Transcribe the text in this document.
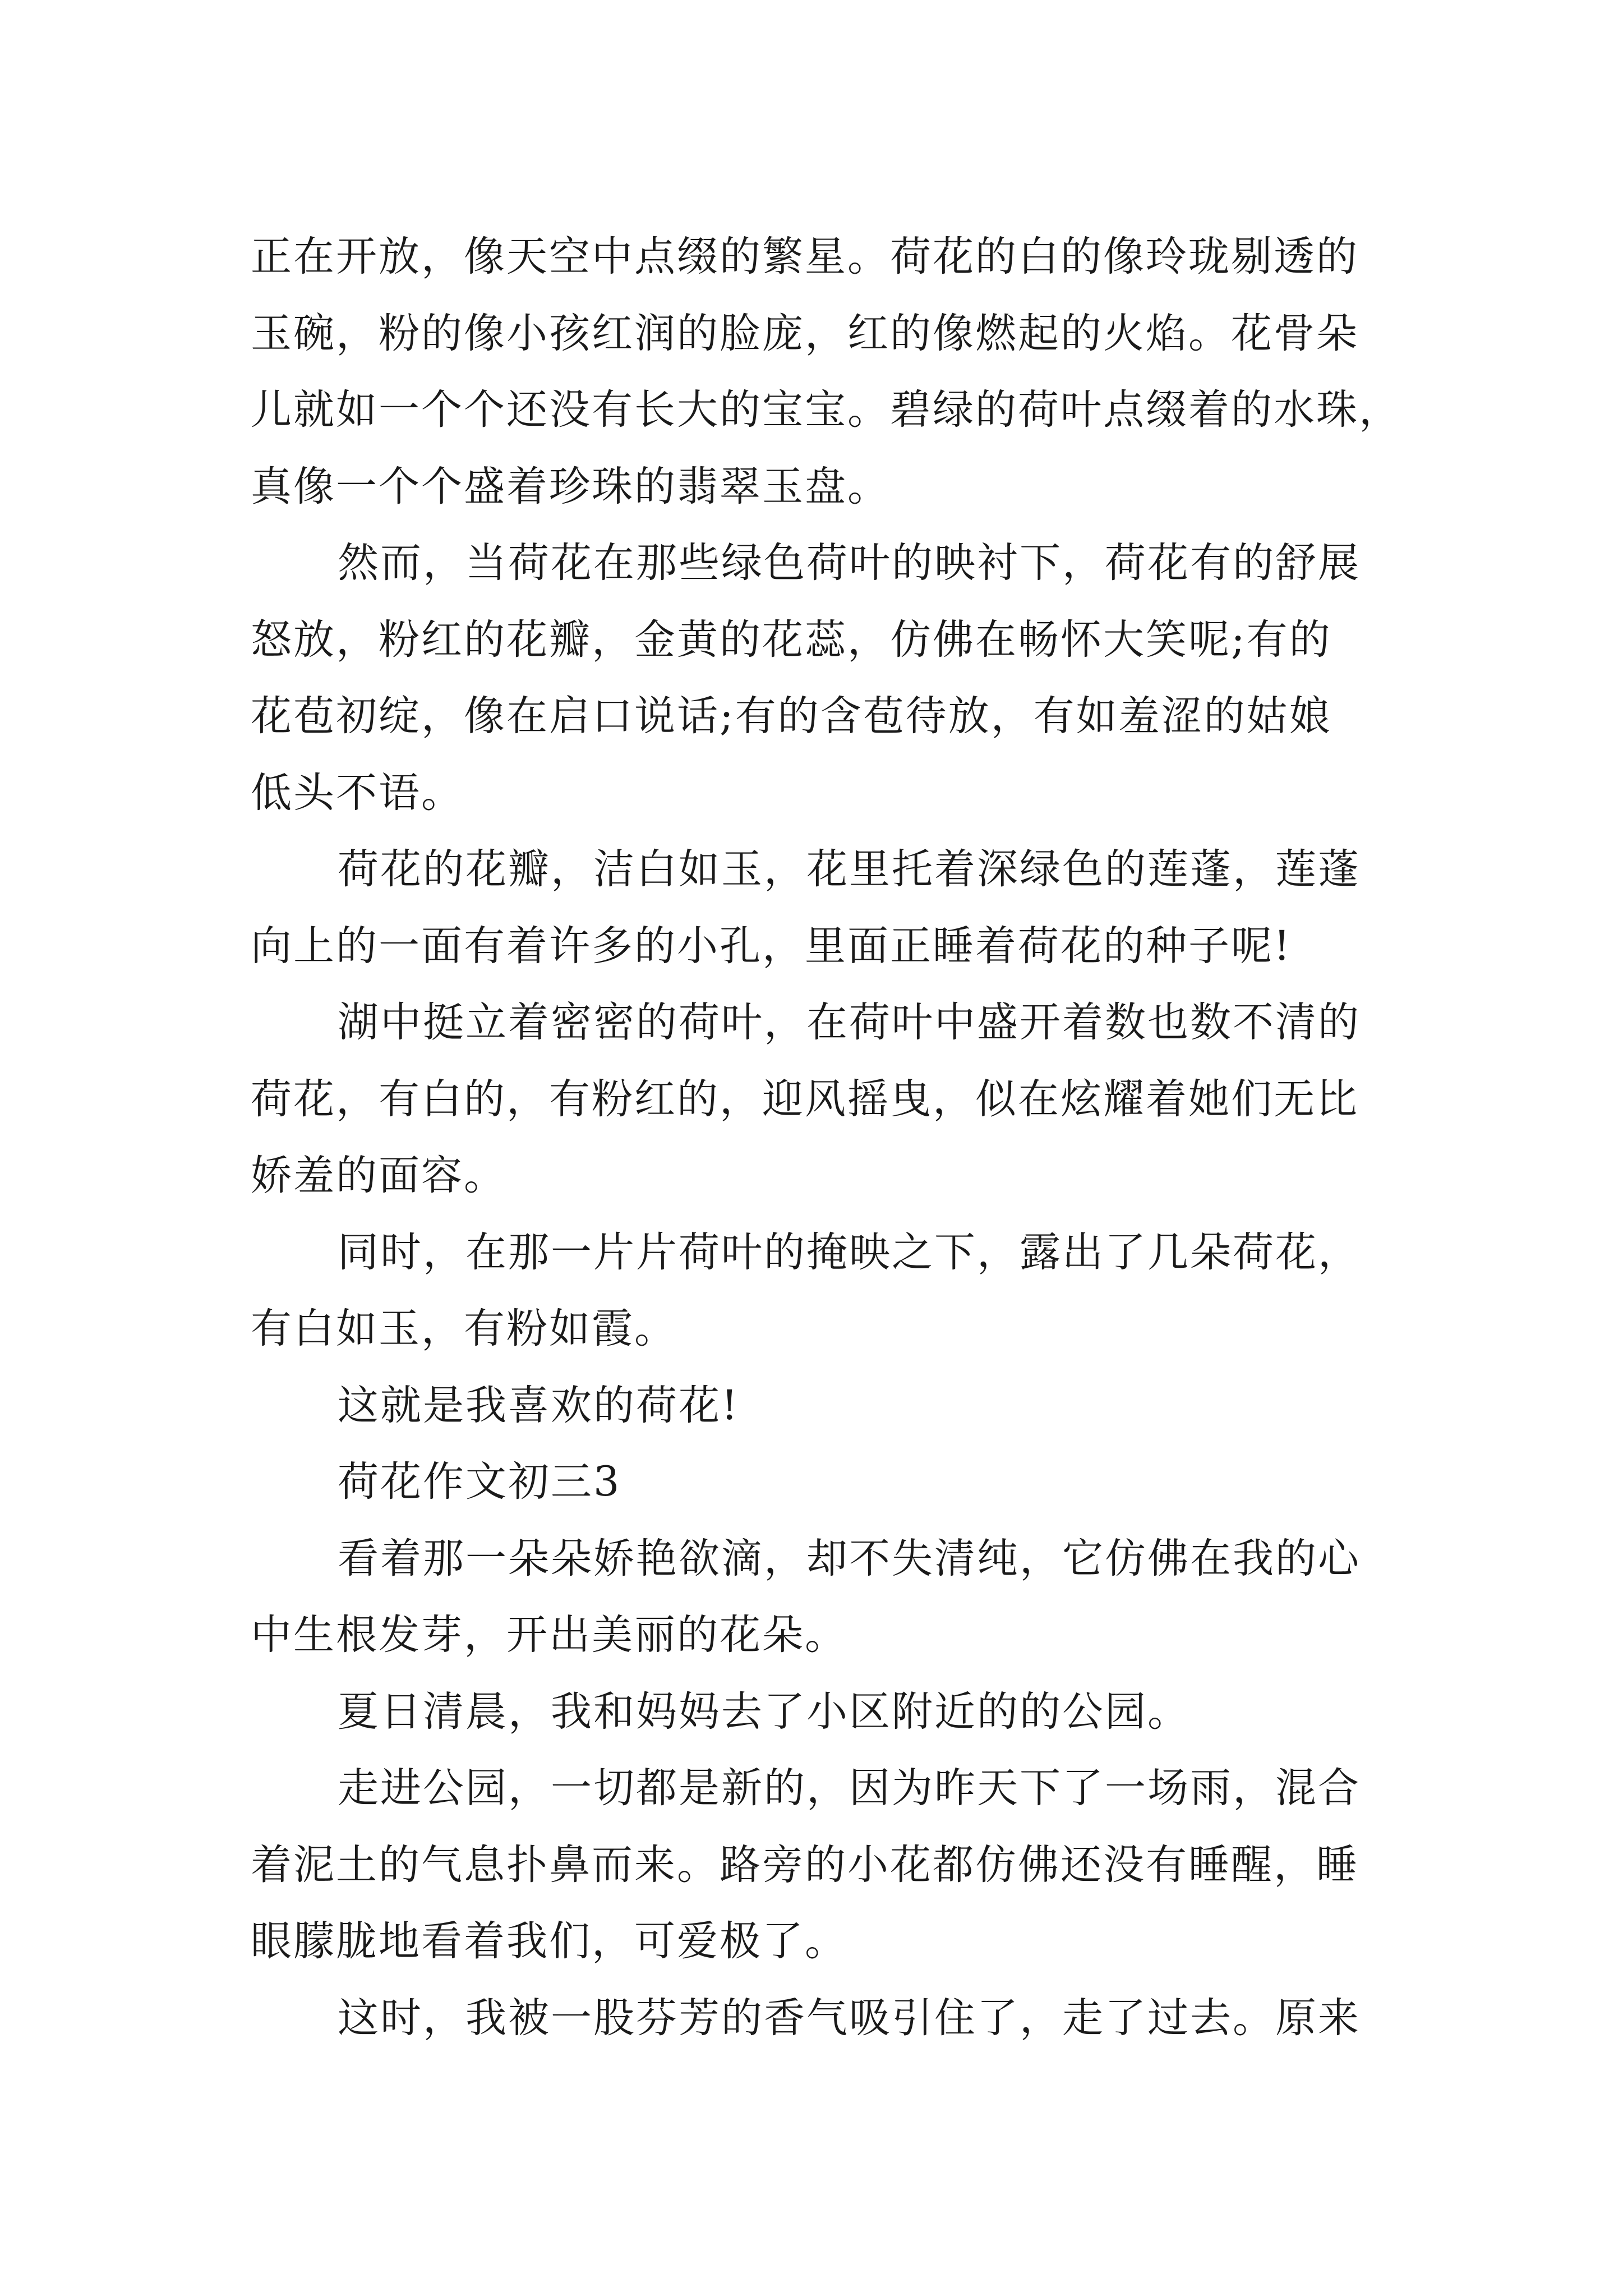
正在开放，像天空中点缀的繁星。荷花的白的像玲珑剔透的
玉碗，粉的像小孩红润的脸庞，红的像燃起的火焰。花骨朵
儿就如一个个还没有长大的宝宝。碧绿的荷叶点缀着的水珠，
真像一个个盛着珍珠的翡翠玉盘。
然而，当荷花在那些绿色荷叶的映衬下，荷花有的舒展
怒放，粉红的花瓣，金黄的花蕊，仿佛在畅怀大笑呢;有的
花苞初绽，像在启口说话;有的含苞待放，有如羞涩的姑娘
低头不语。
荷花的花瓣，洁白如玉，花里托着深绿色的莲蓬，莲蓬
向上的一面有着许多的小孔，里面正睡着荷花的种子呢!
湖中挺立着密密的荷叶，在荷叶中盛开着数也数不清的
荷花，有白的，有粉红的，迎风摇曳，似在炫耀着她们无比
娇羞的面容。
同时，在那一片片荷叶的掩映之下，露出了几朵荷花，
有白如玉，有粉如霞。
这就是我喜欢的荷花!
荷花作文初三3
看着那一朵朵娇艳欲滴，却不失清纯，它仿佛在我的心
中生根发芽，开出美丽的花朵。
夏日清晨，我和妈妈去了小区附近的的公园。
走进公园，一切都是新的，因为昨天下了一场雨，混合
着泥土的气息扑鼻而来。路旁的小花都仿佛还没有睡醒，睡
眼朦胧地看着我们，可爱极了。
这时，我被一股芬芳的香气吸引住了，走了过去。原来
